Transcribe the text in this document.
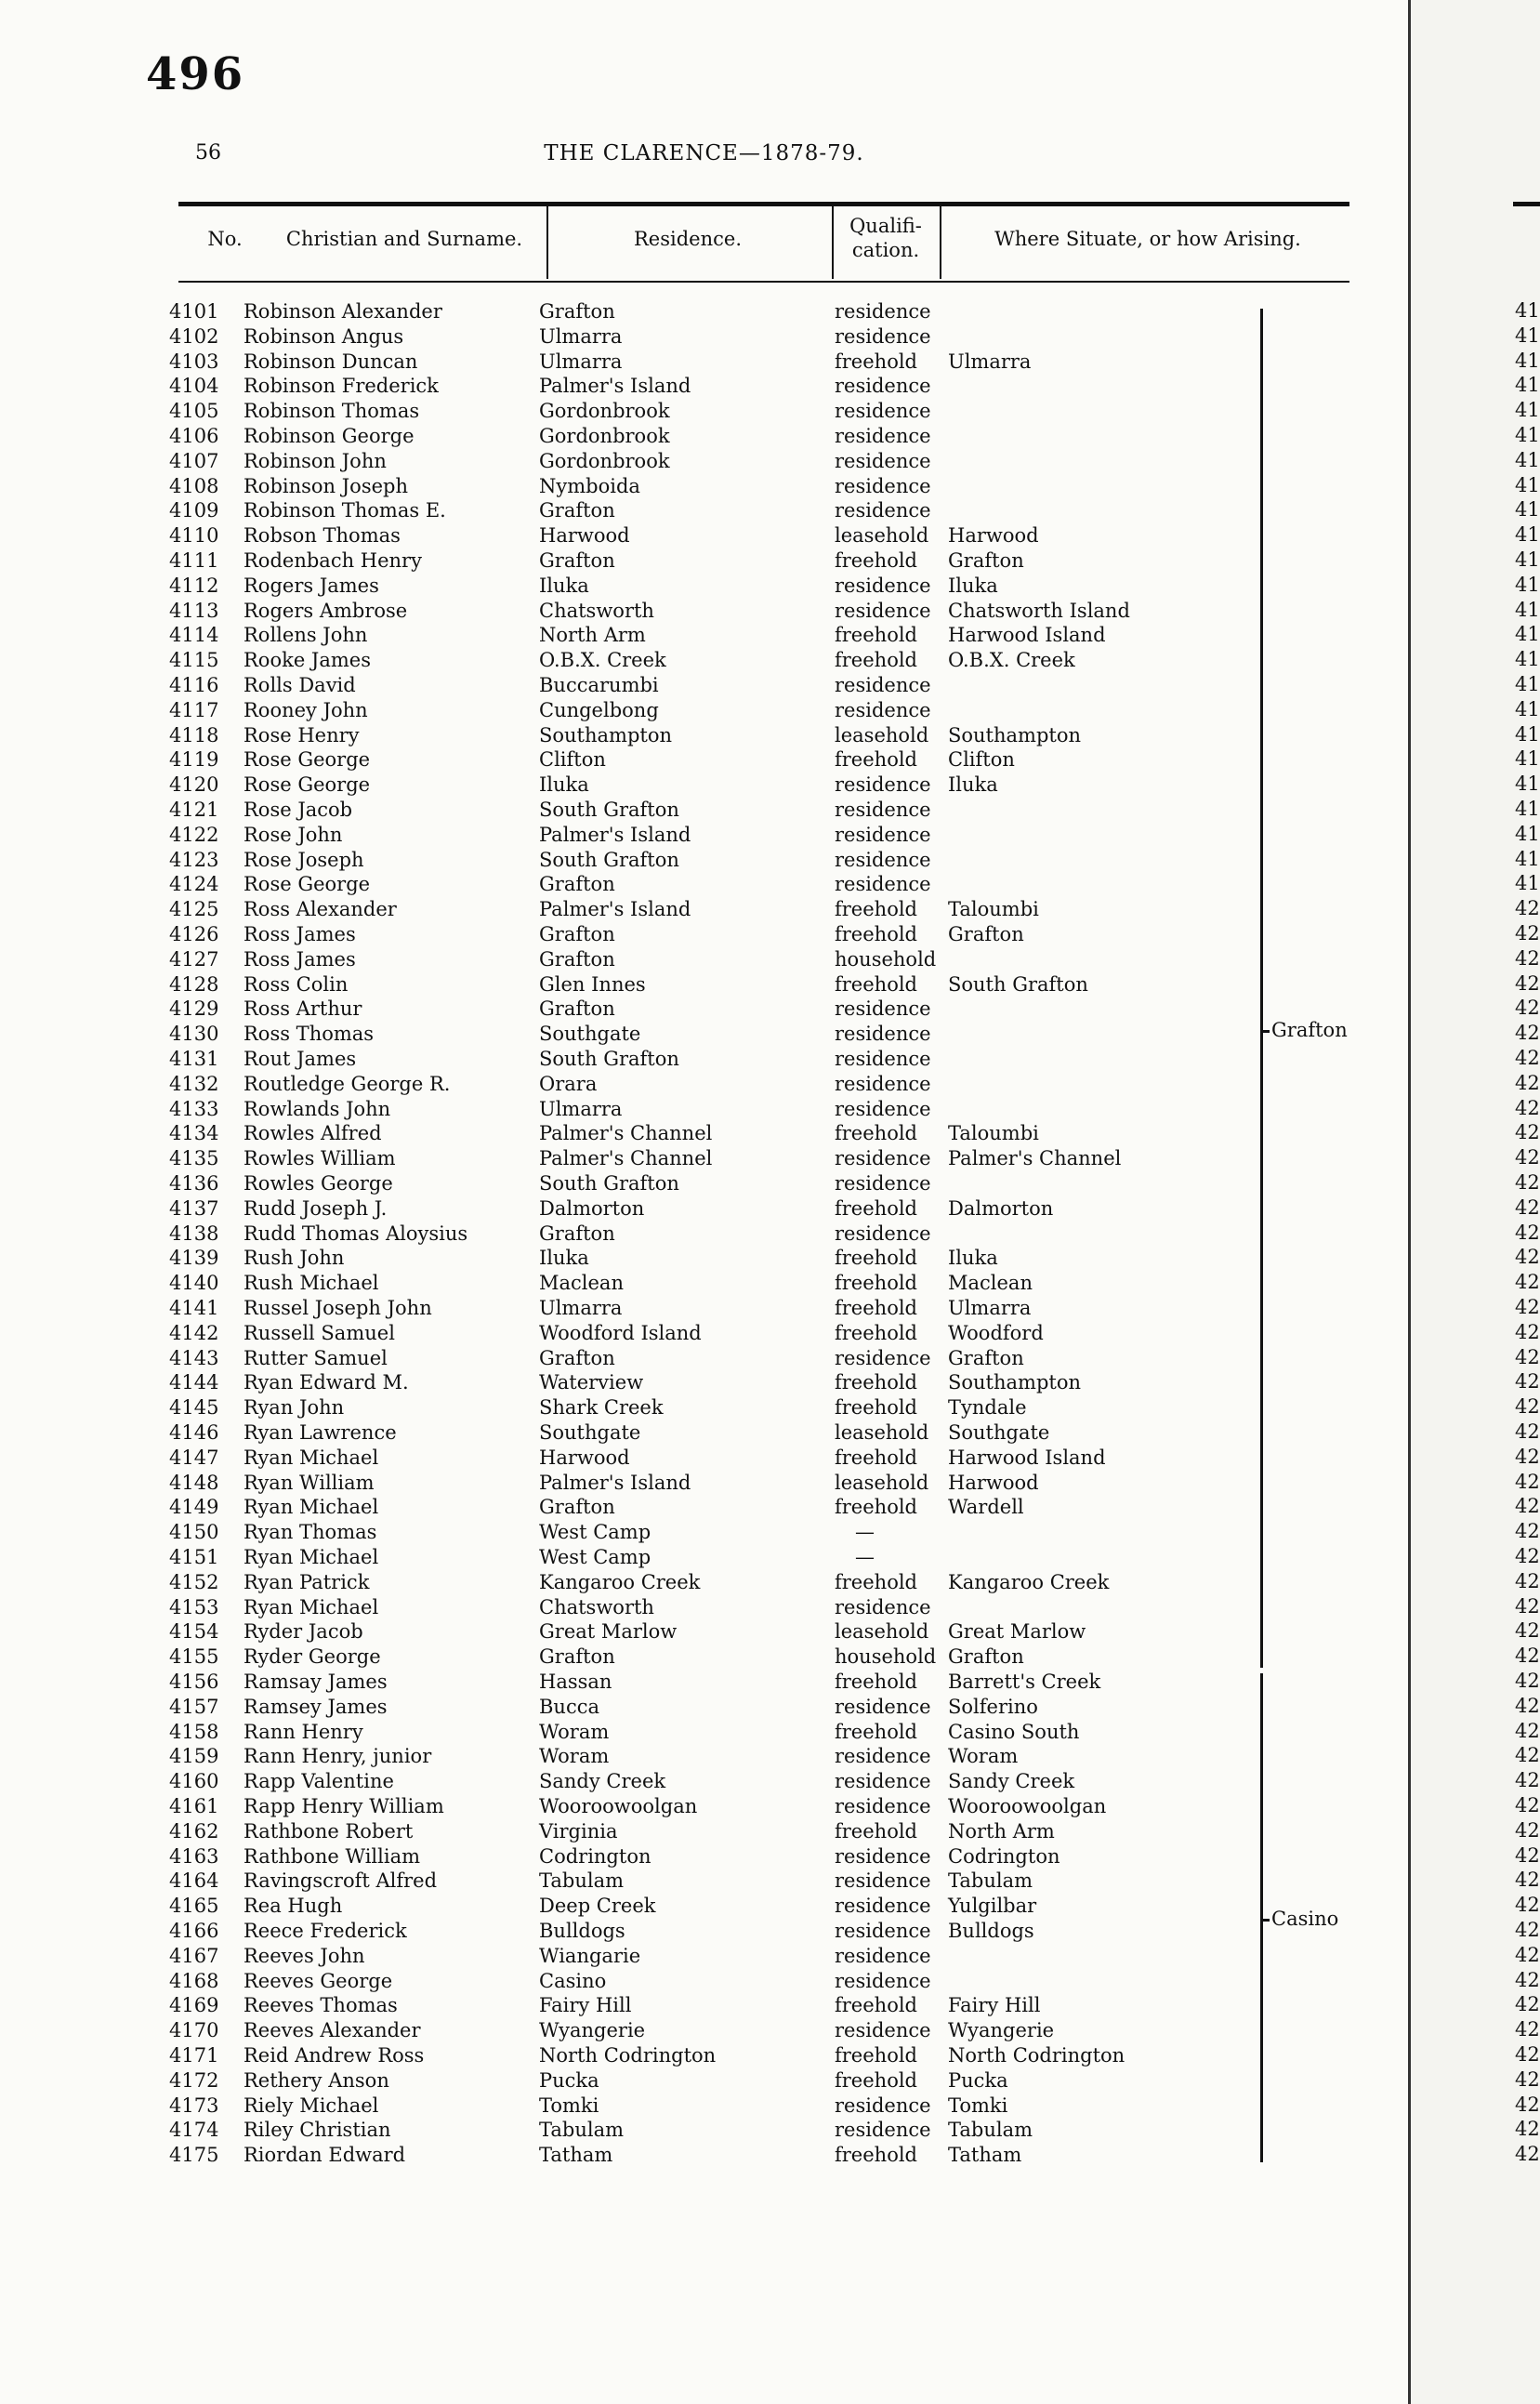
496
56	THE CLARENCE—1878-79.
No.	Christian and Surname.	Residence.
Qualifi-
cation.	Where Situate, or how Arising.
4101 Robinson Alexander	Grafton	residence
4102 Robinson Angus	Ulmarra	residence
4103 Robinson Duncan	Ulmarra	freehold Ulmarra
4104 Robinson Frederick	Palmer's Island	residence
4105 Robinson Thomas	Gordonbrook	residence
4106 Robinson George	Gordonbrook	residence
4107 Robinson John	Gordonbrook	residence
4108 Robinson Joseph	Nymboida	residence
4109 Robinson Thomas E.	Grafton	residence
4110 Robson Thomas	Harwood	leasehold Harwood
4111 Rodenbach Henry	Grafton	freehold Grafton
4112 Rogers James	Iluka	residence Iluka
4113 Rogers Ambrose	Chatsworth	residence Chatsworth Island
4114 Rollens John	North Arm	freehold Harwood Island
4115 Rooke James	O.B.X. Creek	freehold O.B.X. Creek
4116 Rolls David	Buccarumbi	residence
4117 Rooney John	Cungelbong	residence
4118 Rose Henry	Southampton	leasehold Southampton
4119 Rose George	Clifton	freehold Clifton
4120 Rose George	Iluka	residence Iluka
4121 Rose Jacob	South Grafton	residence
4122 Rose John	Palmer's Island	residence
4123 Rose Joseph	South Grafton	residence
4124 Rose George	Grafton	residence
4125 Ross Alexander	Palmer's Island	freehold Taloumbi
4126 Ross James	Grafton	freehold Grafton
4127 Ross James	Grafton	household
4128 Ross Colin	Glen Innes	freehold South Grafton
4129 Ross Arthur	Grafton	residence
4130 Ross Thomas	Southgate	residence
4131 Rout James	South Grafton	residence
4132 Routledge George R.	Orara	residence
4133 Rowlands John	Ulmarra	residence
4134 Rowles Alfred	Palmer's Channel	freehold Taloumbi
4135 Rowles William	Palmer's Channel	residence Palmer's Channel
4136 Rowles George	South Grafton	residence
4137 Rudd Joseph J.	Dalmorton	freehold Dalmorton
4138 Rudd Thomas Aloysius	Grafton	residence
4139 Rush John	Iluka	freehold Iluka
4140 Rush Michael	Maclean	freehold Maclean
4141 Russel Joseph John	Ulmarra	freehold Ulmarra
4142 Russell Samuel	Woodford Island	freehold Woodford
4143 Rutter Samuel	Grafton	residence Grafton
4144 Ryan Edward M.	Waterview	freehold Southampton
4145 Ryan John	Shark Creek	freehold Tyndale
4146 Ryan Lawrence	Southgate	leasehold Southgate
4147 Ryan Michael	Harwood	freehold Harwood Island
4148 Ryan William	Palmer's Island	leasehold Harwood
4149 Ryan Michael	Grafton	freehold Wardell
4150 Ryan Thomas	West Camp	—
4151 Ryan Michael	West Camp	—
4152 Ryan Patrick	Kangaroo Creek	freehold Kangaroo Creek
4153 Ryan Michael	Chatsworth	residence
4154 Ryder Jacob	Great Marlow	leasehold Great Marlow
4155 Ryder George	Grafton	household Grafton
4156 Ramsay James	Hassan	freehold Barrett's Creek
4157 Ramsey James	Bucca	residence Solferino
4158 Rann Henry	Woram	freehold Casino South
4159 Rann Henry, junior	Woram	residence Woram
4160 Rapp Valentine	Sandy Creek	residence Sandy Creek
4161 Rapp Henry William	Wooroowoolgan	residence Wooroowoolgan
4162 Rathbone Robert	Virginia	freehold North Arm
4163 Rathbone William	Codrington	residence Codrington
4164 Ravingscroft Alfred	Tabulam	residence Tabulam
4165 Rea Hugh	Deep Creek	residence Yulgilbar
4166 Reece Frederick	Bulldogs	residence Bulldogs
4167 Reeves John	Wiangarie	residence
4168 Reeves George	Casino	residence
4169 Reeves Thomas	Fairy Hill	freehold Fairy Hill
4170 Reeves Alexander	Wyangerie	residence Wyangerie
4171 Reid Andrew Ross	North Codrington	freehold North Codrington
4172 Rethery Anson	Pucka	freehold Pucka
4173 Riely Michael	Tomki	residence Tomki
4174 Riley Christian	Tabulam	residence Tabulam
4175 Riordan Edward	Tatham	freehold Tatham
Grafton
Casino
41
41
41
41
41
41
41
41
41
41
41
41
41
41
41
41
41
41
41
41
41
41
41
41
42
42
42
42
42
42
42
42
42
42
42
42
42
42
42
42
42
42
42
42
42
42
42
42
42
42
42
42
42
42
42
42
42
42
42
42
42
42
42
42
42
42
42
42
42
42
42
42
42
42
42
